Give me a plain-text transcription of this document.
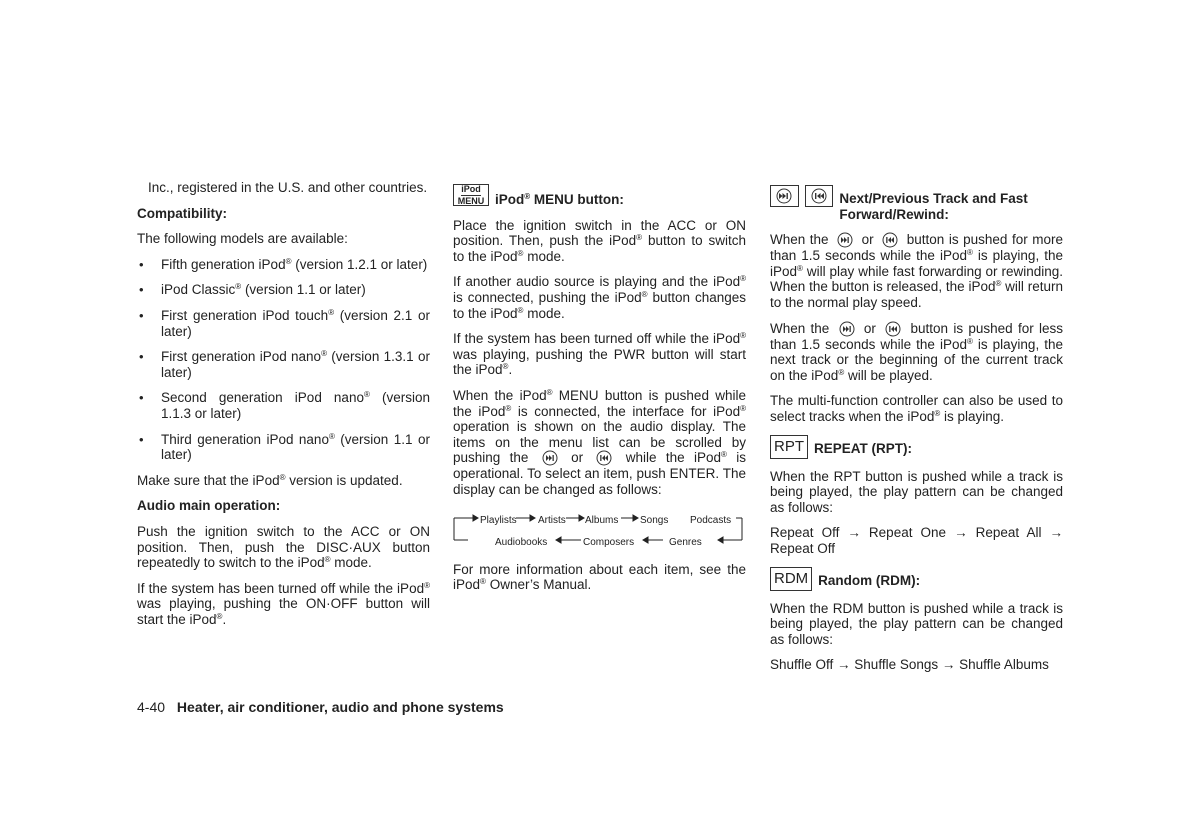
Inc., registered in the U.S. and other countries.

Compatibility:

The following models are available:

• Fifth generation iPod® (version 1.2.1 or later)
• iPod Classic® (version 1.1 or later)
• First generation iPod touch® (version 2.1 or later)
• First generation iPod nano® (version 1.3.1 or later)
• Second generation iPod nano® (version 1.1.3 or later)
• Third generation iPod nano® (version 1.1 or later)

Make sure that the iPod® version is updated.

Audio main operation:

Push the ignition switch to the ACC or ON position. Then, push the DISC·AUX button repeatedly to switch to the iPod® mode.

If the system has been turned off while the iPod® was playing, pushing the ON·OFF button will start the iPod®.

iPod
MENU iPod® MENU button:

Place the ignition switch in the ACC or ON position. Then, push the iPod® button to switch to the iPod® mode.

If another audio source is playing and the iPod® is connected, pushing the iPod® button changes to the iPod® mode.

If the system has been turned off while the iPod® was playing, pushing the PWR button will start the iPod®.

When the iPod® MENU button is pushed while the iPod® is connected, the interface for iPod® operation is shown on the audio display. The items on the menu list can be scrolled by pushing the	or	while the iPod® is operational. To select an item, push ENTER. The display can be changed as follows:

Playlists Artists Albums Songs Podcasts
Audiobooks	Composers	Genres

For more information about each item, see the iPod® Owner’s Manual.

Next/Previous Track and Fast Forward/Rewind:

When the or button is pushed for more than 1.5 seconds while the iPod® is playing, the iPod® will play while fast forwarding or rewinding. When the button is released, the iPod® will return to the normal play speed.

When the	or	button is pushed for less than 1.5 seconds while the iPod® is playing, the next track or the beginning of the current track on the iPod® will be played.

The multi-function controller can also be used to select tracks when the iPod® is playing.

RPT REPEAT (RPT):

When the RPT button is pushed while a track is being played, the play pattern can be changed as follows:

Repeat Off → Repeat One → Repeat All → Repeat Off

RDM Random (RDM):

When the RDM button is pushed while a track is being played, the play pattern can be changed as follows:

Shuffle Off → Shuffle Songs → Shuffle Albums

4-40 Heater, air conditioner, audio and phone systems
